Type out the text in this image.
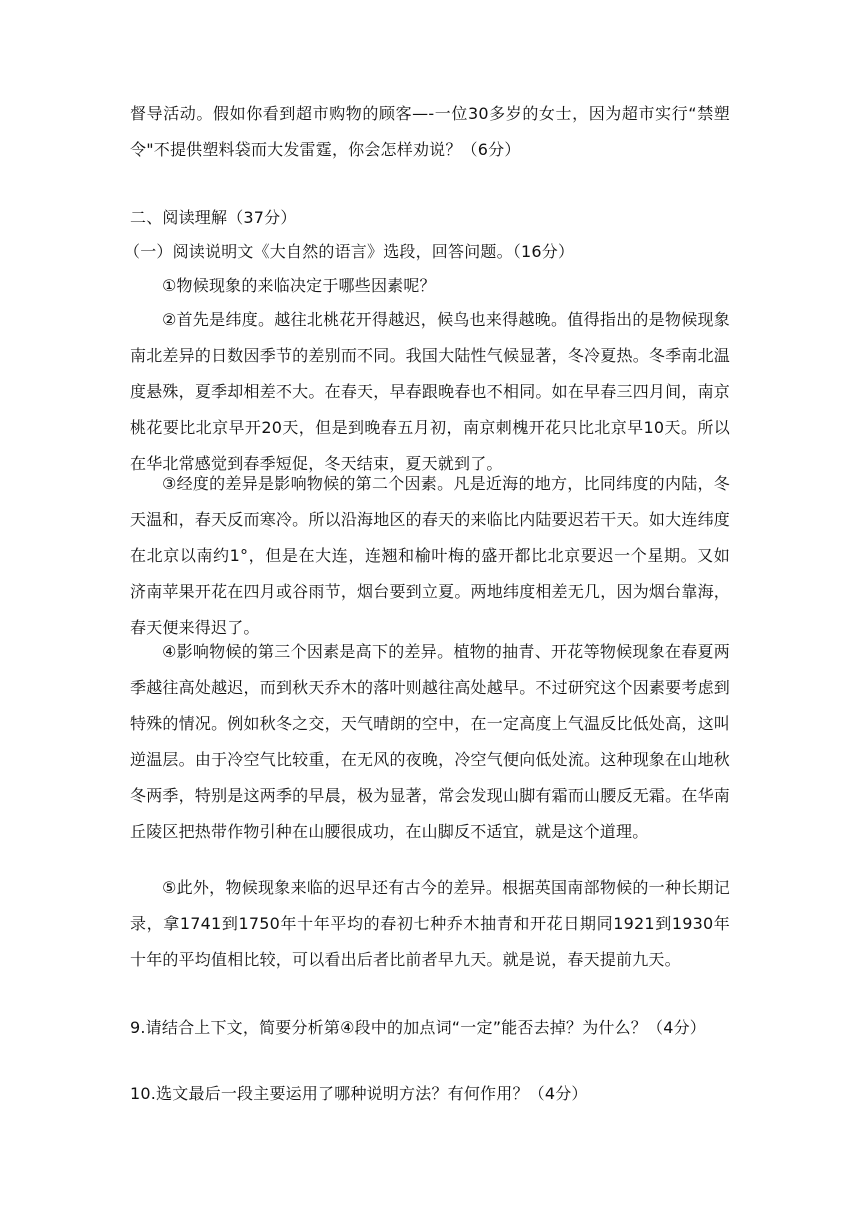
督导活动。假如你看到超市购物的顾客—-一位30多岁的女士，因为超市实行“禁塑令"不提供塑料袋而大发雷霆，你会怎样劝说？（6分）
二、阅读理解（37分）
（一）阅读说明文《大自然的语言》选段，回答问题。（16分）
①物候现象的来临决定于哪些因素呢？
②首先是纬度。越往北桃花开得越迟，候鸟也来得越晚。值得指出的是物候现象南北差异的日数因季节的差别而不同。我国大陆性气候显著，冬冷夏热。冬季南北温度悬殊，夏季却相差不大。在春天，早春跟晚春也不相同。如在早春三四月间，南京桃花要比北京早开20天，但是到晚春五月初，南京刺槐开花只比北京早10天。所以在华北常感觉到春季短促，冬天结束，夏天就到了。
③经度的差异是影响物候的第二个因素。凡是近海的地方，比同纬度的内陆，冬天温和，春天反而寒冷。所以沿海地区的春天的来临比内陆要迟若干天。如大连纬度在北京以南约1°，但是在大连，连翘和榆叶梅的盛开都比北京要迟一个星期。又如济南苹果开花在四月或谷雨节，烟台要到立夏。两地纬度相差无几，因为烟台靠海，春天便来得迟了。
④影响物候的第三个因素是高下的差异。植物的抽青、开花等物候现象在春夏两季越往高处越迟，而到秋天乔木的落叶则越往高处越早。不过研究这个因素要考虑到特殊的情况。例如秋冬之交，天气晴朗的空中，在一定高度上气温反比低处高，这叫逆温层。由于冷空气比较重，在无风的夜晚，冷空气便向低处流。这种现象在山地秋冬两季，特别是这两季的早晨，极为显著，常会发现山脚有霜而山腰反无霜。在华南丘陵区把热带作物引种在山腰很成功，在山脚反不适宜，就是这个道理。
⑤此外，物候现象来临的迟早还有古今的差异。根据英国南部物候的一种长期记录，拿1741到1750年十年平均的春初七种乔木抽青和开花日期同1921到1930年十年的平均值相比较，可以看出后者比前者早九天。就是说，春天提前九天。
9.请结合上下文，简要分析第④段中的加点词“一定”能否去掉？为什么？（4分）
10.选文最后一段主要运用了哪种说明方法？有何作用？（4分）
